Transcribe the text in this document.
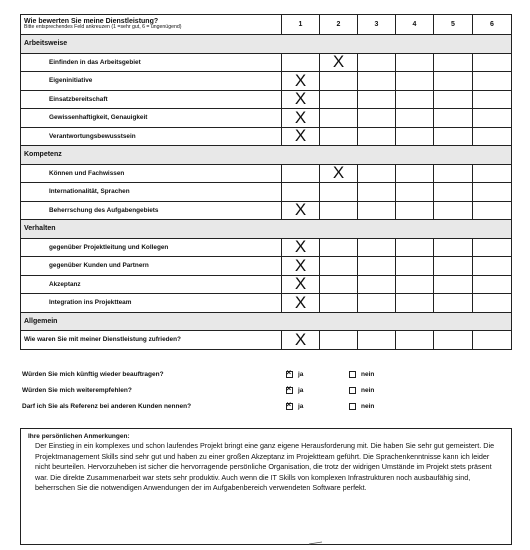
Wie bewerten Sie meine Dienstleistung?
Bitte entsprechendes Feld ankreuzen (1 =sehr gut, 6 = ungenügend)	1	2	3	4	5	6
Arbeitsweise						
Einfinden in das Arbeitsgebiet		X				
Eigeninitiative	X					
Einsatzbereitschaft	X					
Gewissenhaftigkeit, Genauigkeit	X					
Verantwortungsbewusstsein	X					
Kompetenz						
Können und Fachwissen		X				
Internationalität, Sprachen						
Beherrschung des Aufgabengebiets	X					
Verhalten						
gegenüber Projektleitung und Kollegen	X					
gegenüber Kunden und Partnern	X					
Akzeptanz	X					
Integration ins Projektteam	X					
Allgemein						
Wie waren Sie mit meiner Dienstleistung zufrieden?	X					
Würden Sie mich künftig wieder beauftragen? ×	ja	nein
Würden Sie mich weiterempfehlen? ×	ja	nein
Darf ich Sie als Referenz bei anderen Kunden nennen? ×	ja	nein
Ihre persönlichen Anmerkungen:
Der Einstieg in ein komplexes und schon laufendes Projekt bringt eine ganz eigene Herausforderung mit. Die haben Sie sehr gut gemeistert. Die Projektmanagement Skills sind sehr gut und haben zu einer großen Akzeptanz im Projektteam geführt. Die Sprachenkenntnisse kann ich leider nicht beurteilen. Hervorzuheben ist sicher die hervorragende persönliche Organisation, die trotz der widrigen Umstände im Projekt stets präsent war. Die direkte Zusammenarbeit war stets sehr produktiv. Auch wenn die IT Skills von komplexen Infrastrukturen noch ausbaufähig sind, beherrschen Sie die notwendigen Anwendungen der im Aufgabenbereich verwendeten Software perfekt.
